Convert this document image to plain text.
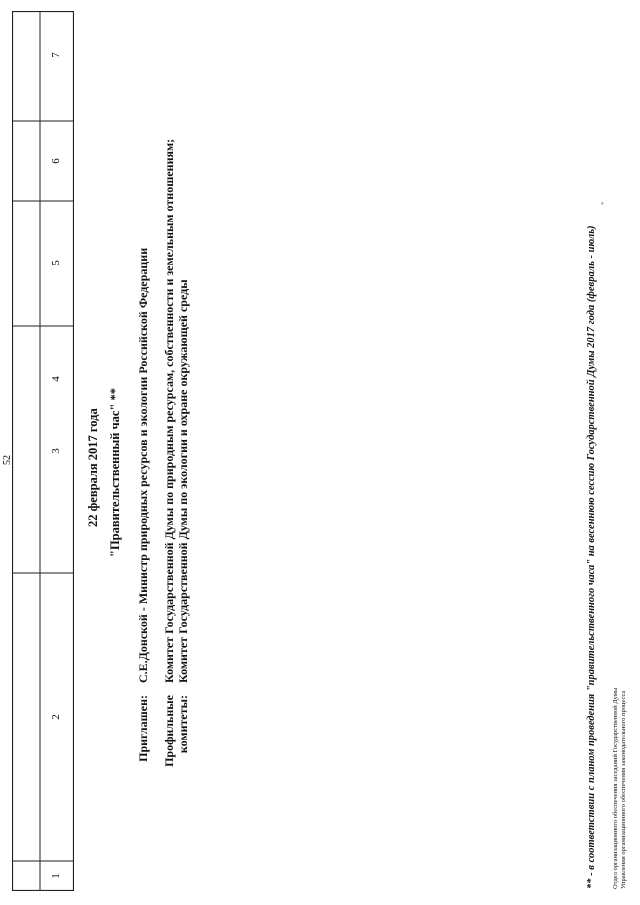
52
1
2
3
4
5
6
7
22 февраля 2017 года "Правительственный час" **
Приглашен:
С.Е.Донской - Министр природных ресурсов и экологии Российской Федерации
Профильные комитеты:
Комитет Государственной Думы по природным ресурсам, собственности и земельным отношениям; Комитет Государственной Думы по экологии и охране окружающей среды	** - в соответствии с планом проведения "правительственного часа" на весеннюю сессию Государственной Думы 2017 года (февраль - июль) Отдел организационного обеспечения заседаний Государственной Думы Управления организационного обеспечения законодательного процесса
*
